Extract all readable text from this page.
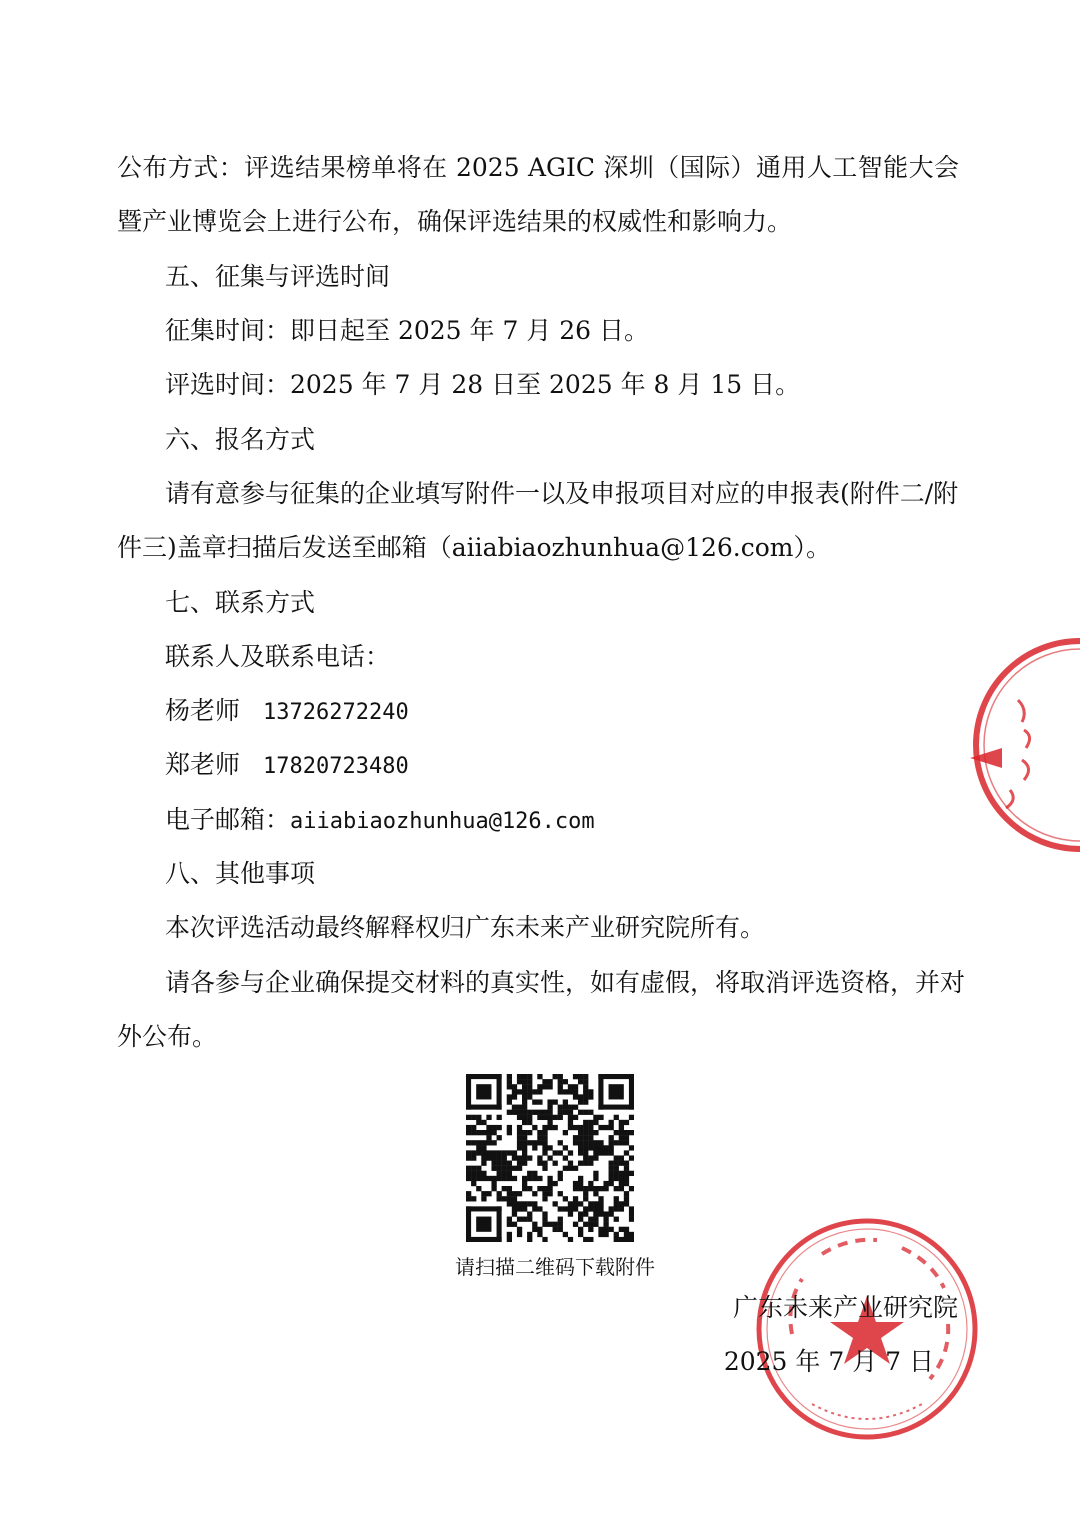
公布方式：评选结果榜单将在 2025 AGIC 深圳（国际）通用人工智能大会
暨产业博览会上进行公布，确保评选结果的权威性和影响力。
五、征集与评选时间
征集时间：即日起至 2025 年 7 月 26 日。
评选时间：2025 年 7 月 28 日至 2025 年 8 月 15 日。
六、报名方式
请有意参与征集的企业填写附件一以及申报项目对应的申报表(附件二/附
件三)盖章扫描后发送至邮箱（aiiabiaozhunhua@126.com）。
七、联系方式
联系人及联系电话：
杨老师 13726272240
郑老师 17820723480
电子邮箱：aiiabiaozhunhua@126.com
八、其他事项
本次评选活动最终解释权归广东未来产业研究院所有。
请各参与企业确保提交材料的真实性，如有虚假，将取消评选资格，并对
外公布。
请扫描二维码下载附件
广东未来产业研究院
2025 年 7 月 7 日
